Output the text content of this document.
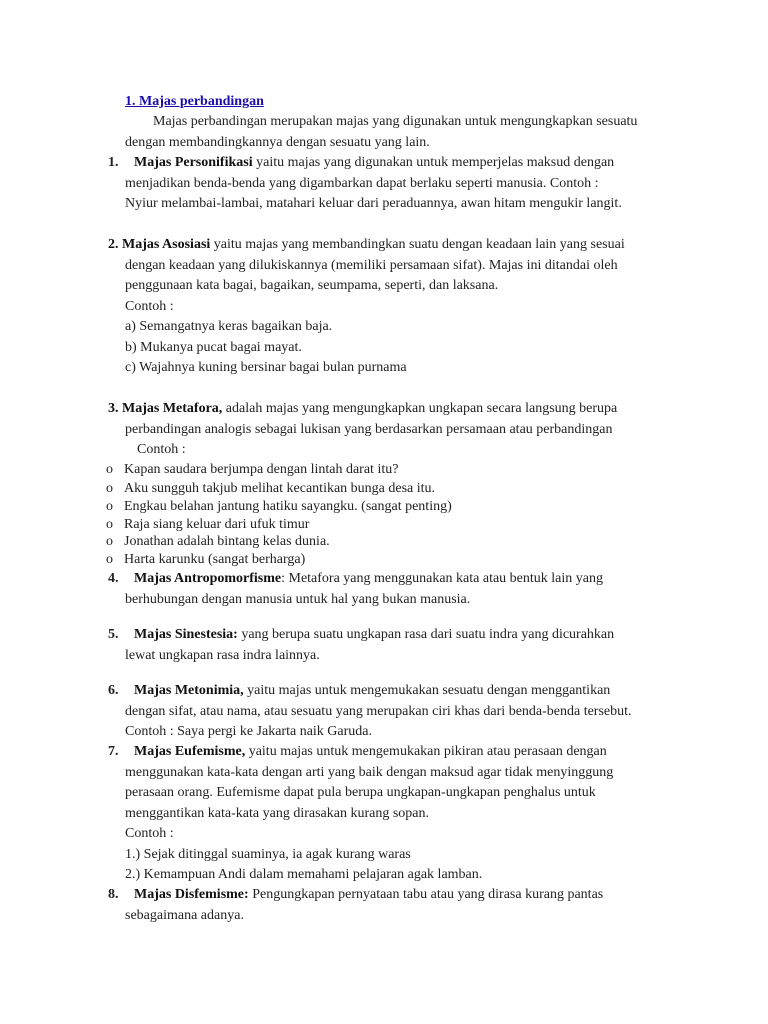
1. Majas perbandingan
Majas perbandingan merupakan majas yang digunakan untuk mengungkapkan sesuatu
dengan membandingkannya dengan sesuatu yang lain.
1. Majas Personifikasi yaitu majas yang digunakan untuk memperjelas maksud dengan
menjadikan benda-benda yang digambarkan dapat berlaku seperti manusia. Contoh :
Nyiur melambai-lambai, matahari keluar dari peraduannya, awan hitam mengukir langit.
2. Majas Asosiasi yaitu majas yang membandingkan suatu dengan keadaan lain yang sesuai
dengan keadaan yang dilukiskannya (memiliki persamaan sifat). Majas ini ditandai oleh
penggunaan kata bagai, bagaikan, seumpama, seperti, dan laksana.
Contoh :
a) Semangatnya keras bagaikan baja.
b) Mukanya pucat bagai mayat.
c) Wajahnya kuning bersinar bagai bulan purnama
3. Majas Metafora, adalah majas yang mengungkapkan ungkapan secara langsung berupa
perbandingan analogis sebagai lukisan yang berdasarkan persamaan atau perbandingan
Contoh :
o Kapan saudara berjumpa dengan lintah darat itu?
o Aku sungguh takjub melihat kecantikan bunga desa itu.
o Engkau belahan jantung hatiku sayangku. (sangat penting)
o Raja siang keluar dari ufuk timur
o Jonathan adalah bintang kelas dunia.
o Harta karunku (sangat berharga)
4. Majas Antropomorfisme: Metafora yang menggunakan kata atau bentuk lain yang
berhubungan dengan manusia untuk hal yang bukan manusia.
5. Majas Sinestesia: yang berupa suatu ungkapan rasa dari suatu indra yang dicurahkan
lewat ungkapan rasa indra lainnya.
6. Majas Metonimia, yaitu majas untuk mengemukakan sesuatu dengan menggantikan
dengan sifat, atau nama, atau sesuatu yang merupakan ciri khas dari benda-benda tersebut.
Contoh : Saya pergi ke Jakarta naik Garuda.
7. Majas Eufemisme, yaitu majas untuk mengemukakan pikiran atau perasaan dengan
menggunakan kata-kata dengan arti yang baik dengan maksud agar tidak menyinggung
perasaan orang. Eufemisme dapat pula berupa ungkapan-ungkapan penghalus untuk
menggantikan kata-kata yang dirasakan kurang sopan.
Contoh :
1.) Sejak ditinggal suaminya, ia agak kurang waras
2.) Kemampuan Andi dalam memahami pelajaran agak lamban.
8. Majas Disfemisme: Pengungkapan pernyataan tabu atau yang dirasa kurang pantas
sebagaimana adanya.
